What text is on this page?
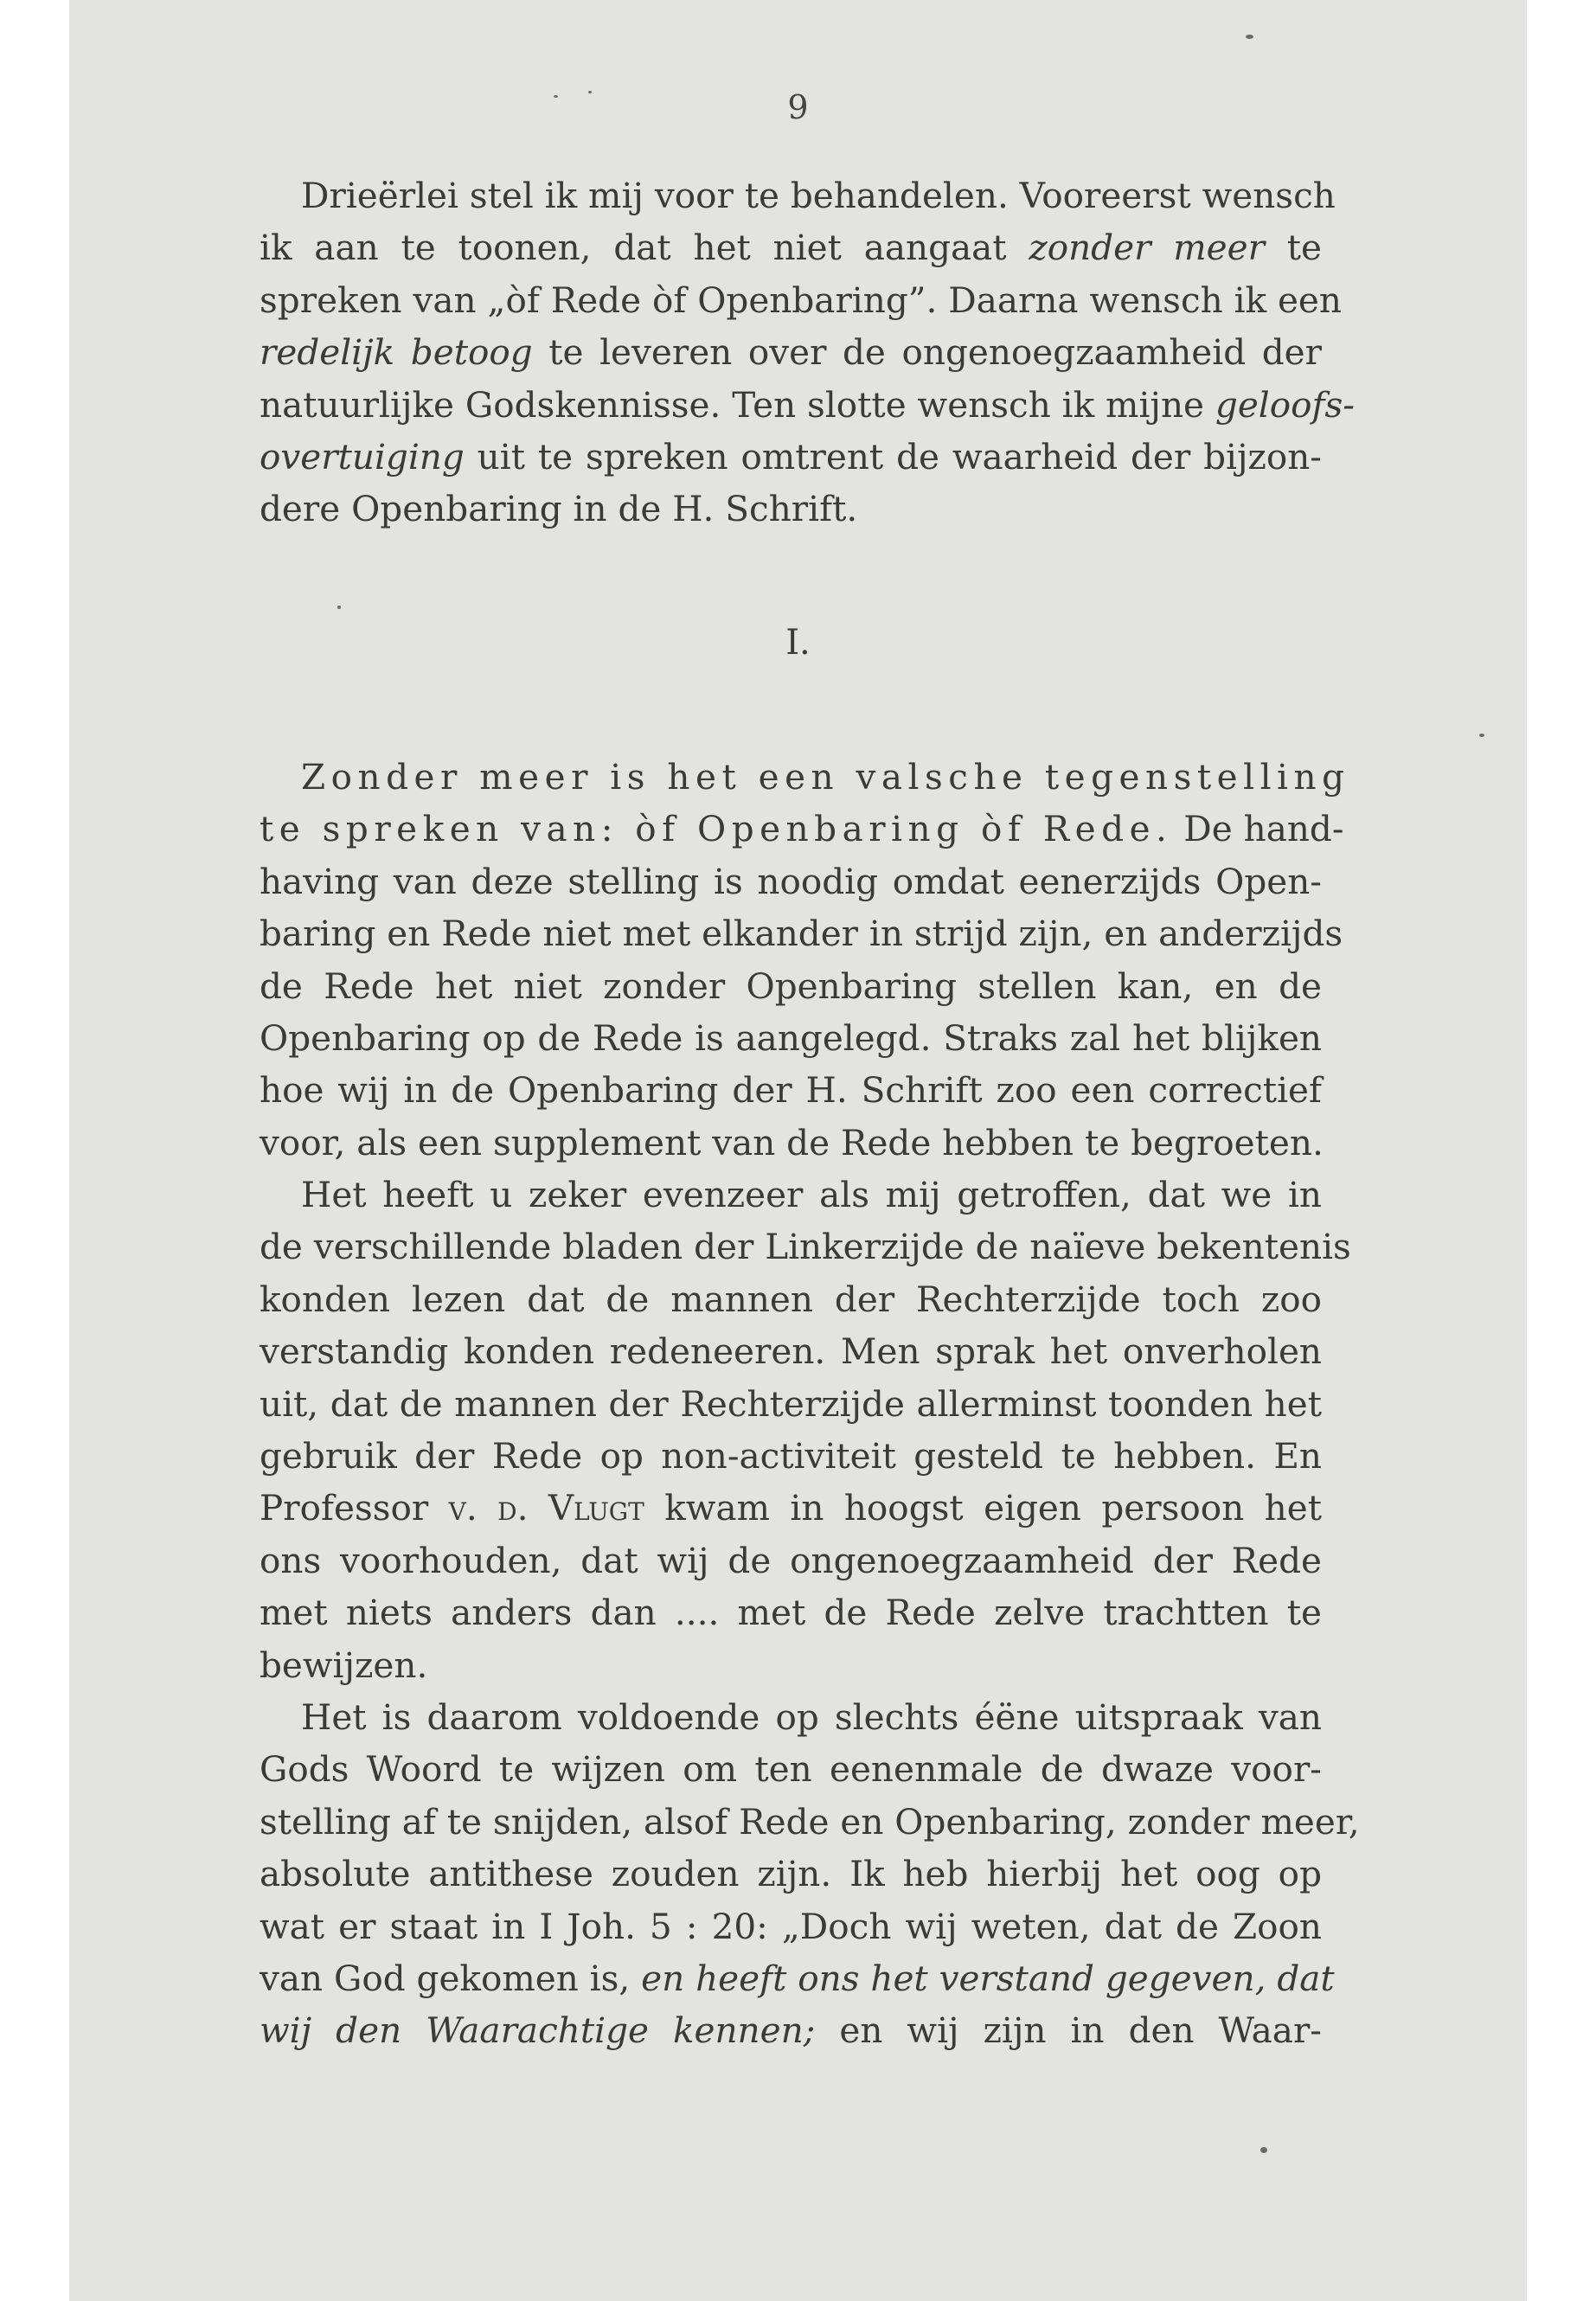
9
Drieërlei stel ik mij voor te behandelen. Vooreerst wensch
ik aan te toonen, dat het niet aangaat zonder meer te
spreken van „òf Rede òf Openbaring”. Daarna wensch ik een
redelijk betoog te leveren over de ongenoegzaamheid der
natuurlijke Godskennisse. Ten slotte wensch ik mijne geloofs-
overtuiging uit te spreken omtrent de waarheid der bijzon-
dere Openbaring in de H. Schrift.
I.
Zonder meer is het een valsche tegenstelling
te spreken van: òf Openbaring òf Rede. De hand-
having van deze stelling is noodig omdat eenerzijds Open-
baring en Rede niet met elkander in strijd zijn, en anderzijds
de Rede het niet zonder Openbaring stellen kan, en de
Openbaring op de Rede is aangelegd. Straks zal het blijken
hoe wij in de Openbaring der H. Schrift zoo een correctief
voor, als een supplement van de Rede hebben te begroeten.
Het heeft u zeker evenzeer als mij getroffen, dat we in
de verschillende bladen der Linkerzijde de naïeve bekentenis
konden lezen dat de mannen der Rechterzijde toch zoo
verstandig konden redeneeren. Men sprak het onverholen
uit, dat de mannen der Rechterzijde allerminst toonden het
gebruik der Rede op non-activiteit gesteld te hebben. En
Professor v. d. Vlugt kwam in hoogst eigen persoon het
ons voorhouden, dat wij de ongenoegzaamheid der Rede
met niets anders dan .... met de Rede zelve trachtten te
bewijzen.
Het is daarom voldoende op slechts éëne uitspraak van
Gods Woord te wijzen om ten eenenmale de dwaze voor-
stelling af te snijden, alsof Rede en Openbaring, zonder meer,
absolute antithese zouden zijn. Ik heb hierbij het oog op
wat er staat in I Joh. 5 : 20: „Doch wij weten, dat de Zoon
van God gekomen is, en heeft ons het verstand gegeven, dat
wij den Waarachtige kennen; en wij zijn in den Waar-
